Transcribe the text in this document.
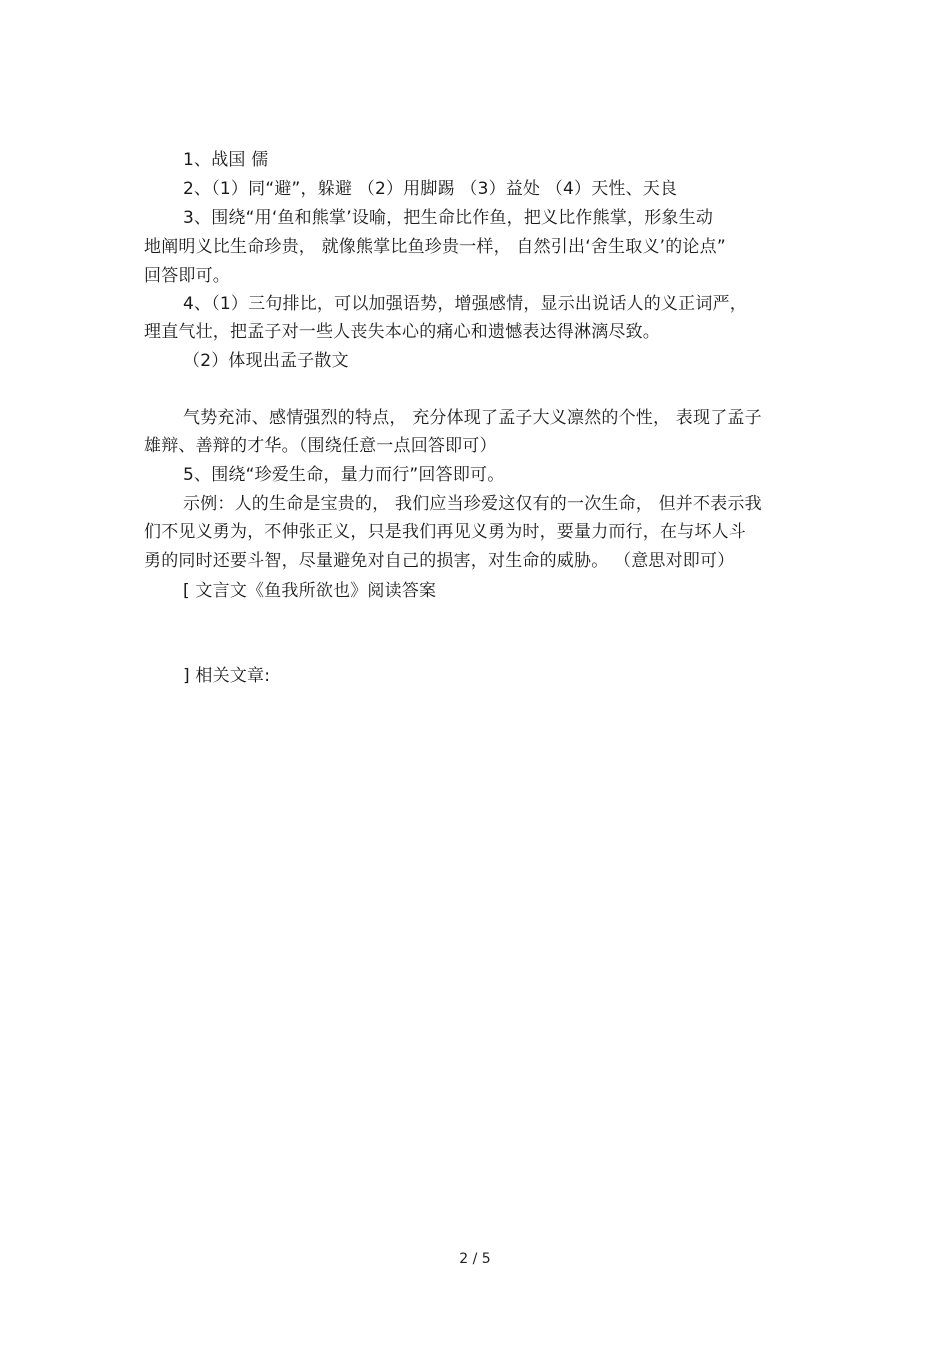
1、战国 儒
2、（1）同“避”，躲避 （2）用脚踢 （3）益处 （4）天性、天良
3、围绕“用‘鱼和熊掌’设喻，把生命比作鱼，把义比作熊掌，形象生动
地阐明义比生命珍贵， 就像熊掌比鱼珍贵一样， 自然引出‘舍生取义’的论点”
回答即可。
4、（1）三句排比，可以加强语势，增强感情，显示出说话人的义正词严，
理直气壮，把孟子对一些人丧失本心的痛心和遗憾表达得淋漓尽致。
（2）体现出孟子散文
气势充沛、感情强烈的特点， 充分体现了孟子大义凛然的个性， 表现了孟子
雄辩、善辩的才华。（围绕任意一点回答即可）
5、围绕“珍爱生命，量力而行”回答即可。
示例：人的生命是宝贵的， 我们应当珍爱这仅有的一次生命， 但并不表示我
们不见义勇为，不伸张正义，只是我们再见义勇为时，要量力而行，在与坏人斗
勇的同时还要斗智，尽量避免对自己的损害，对生命的威胁。 （意思对即可）
[ 文言文《鱼我所欲也》阅读答案
] 相关文章:
2 / 5
